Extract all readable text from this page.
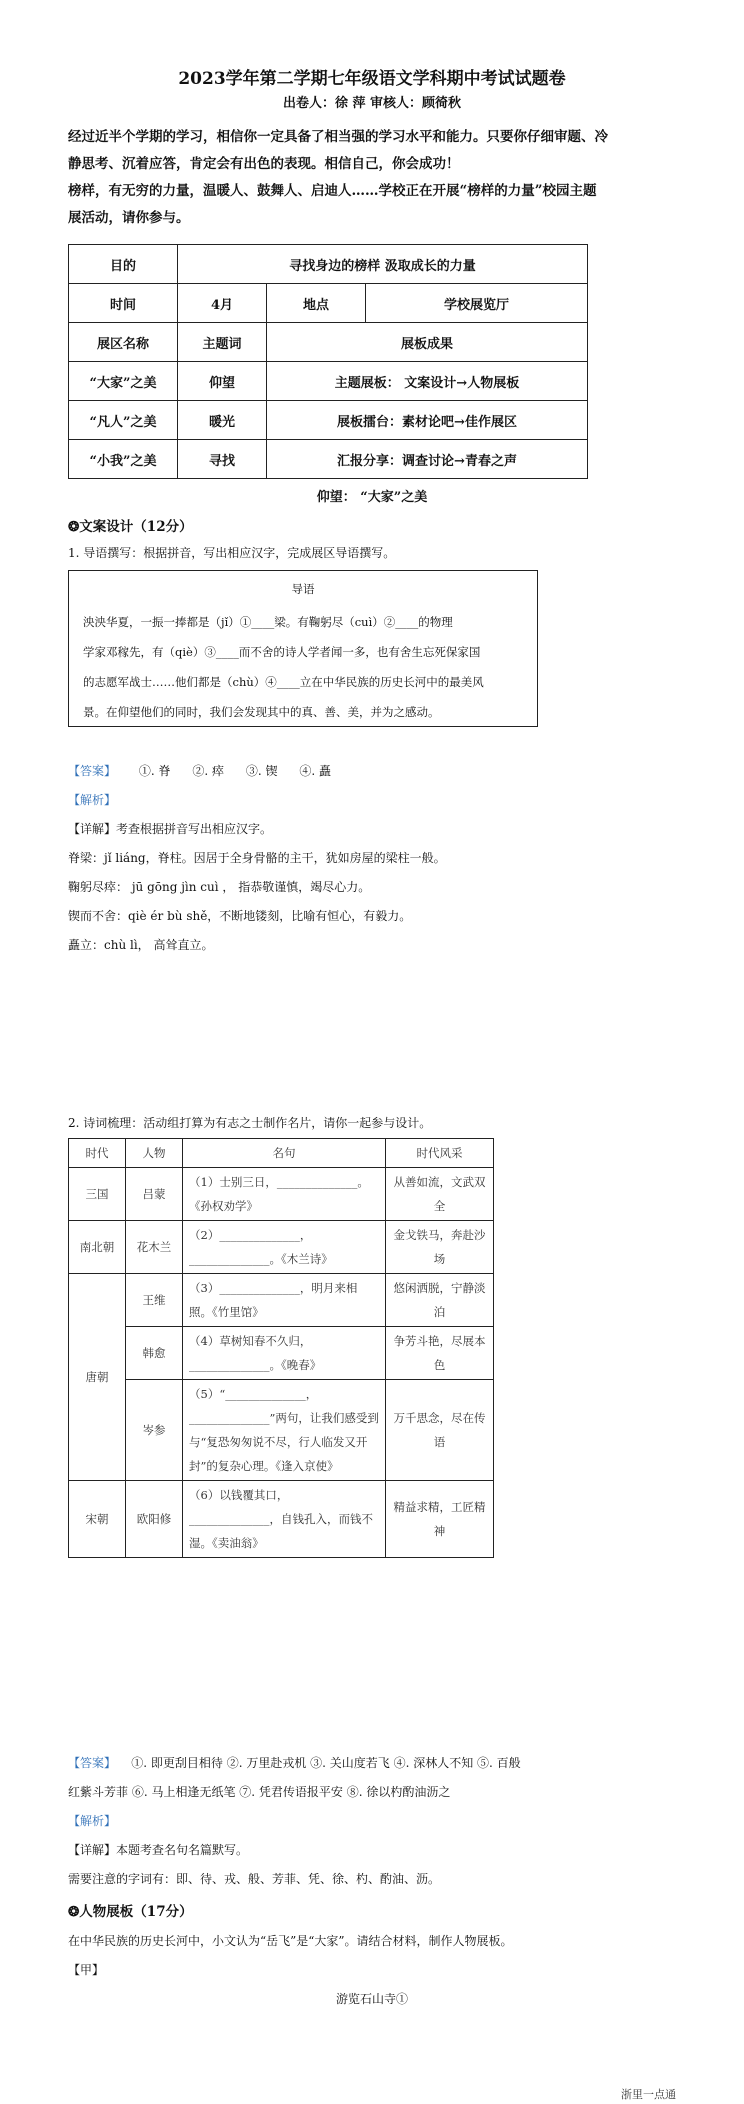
2023学年第二学期七年级语文学科期中考试试题卷
出卷人：徐 萍 审核人：顾徛秋
经过近半个学期的学习，相信你一定具备了相当强的学习水平和能力。只要你仔细审题、冷
静思考、沉着应答，肯定会有出色的表现。相信自己，你会成功！
榜样，有无穷的力量，温暖人、鼓舞人、启迪人……学校正在开展“榜样的力量”校园主题
展活动，请你参与。
目的	寻找身边的榜样 汲取成长的力量		
时间	4月	地点	学校展览厅
展区名称	主题词	展板成果	
“大家”之美	仰望	主题展板： 文案设计→人物展板	
“凡人”之美	暖光	展板擂台：素材论吧→佳作展区	
“小我”之美	寻找	汇报分享：调查讨论→青春之声	
仰望： “大家”之美
❂文案设计（12分）
1. 导语撰写：根据拼音，写出相应汉字，完成展区导语撰写。
导语
泱泱华夏，一振一捧都是（jǐ）①____梁。有鞠躬尽（cuì）②____的物理
学家邓稼先，有（qiè）③____而不舍的诗人学者闻一多，也有舍生忘死保家国
的志愿军战士……他们都是（chù）④____立在中华民族的历史长河中的最美风
景。在仰望他们的同时，我们会发现其中的真、善、美，并为之感动。
【答案】 ①. 脊 ②. 瘁 ③. 锲 ④. 矗
【解析】
【详解】考查根据拼音写出相应汉字。
脊梁：jǐ liáng，脊柱。因居于全身骨骼的主干，犹如房屋的梁柱一般。
鞠躬尽瘁： jū gōng jìn cuì ， 指恭敬谨慎，竭尽心力。
锲而不舍：qiè ér bù shě，不断地镂刻，比喻有恒心，有毅力。
矗立：chù lì， 高耸直立。
2. 诗词梳理：活动组打算为有志之士制作名片，请你一起参与设计。
时代	人物	名句	时代风采
三国	吕蒙	（1）士别三日，______________。《孙权劝学》	从善如流，文武双全
南北朝	花木兰	（2）______________，______________。《木兰诗》	金戈铁马，奔赴沙场
唐朝	王维	（3）______________，明月来相照。《竹里馆》	悠闲洒脱，宁静淡泊
	韩愈	（4）草树知春不久归，______________。《晚春》	争芳斗艳，尽展本色
	岑参	（5）“______________，______________”两句，让我们感受到与“复恐匆匆说不尽，行人临发又开封”的复杂心理。《逢入京使》	万千思念，尽在传语
宋朝	欧阳修	（6）以钱覆其口，______________，自钱孔入，而钱不湿。《卖油翁》	精益求精，工匠精神
【答案】 ①. 即更刮目相待 ②. 万里赴戎机 ③. 关山度若飞 ④. 深林人不知 ⑤. 百般
红紫斗芳菲 ⑥. 马上相逢无纸笔 ⑦. 凭君传语报平安 ⑧. 徐以杓酌油沥之
【解析】
【详解】本题考查名句名篇默写。
需要注意的字词有：即、待、戎、般、芳菲、凭、徐、杓、酌油、沥。
❂人物展板（17分）
在中华民族的历史长河中，小文认为“岳飞”是“大家”。请结合材料，制作人物展板。
【甲】
游览石山寺①
浙里一点通
